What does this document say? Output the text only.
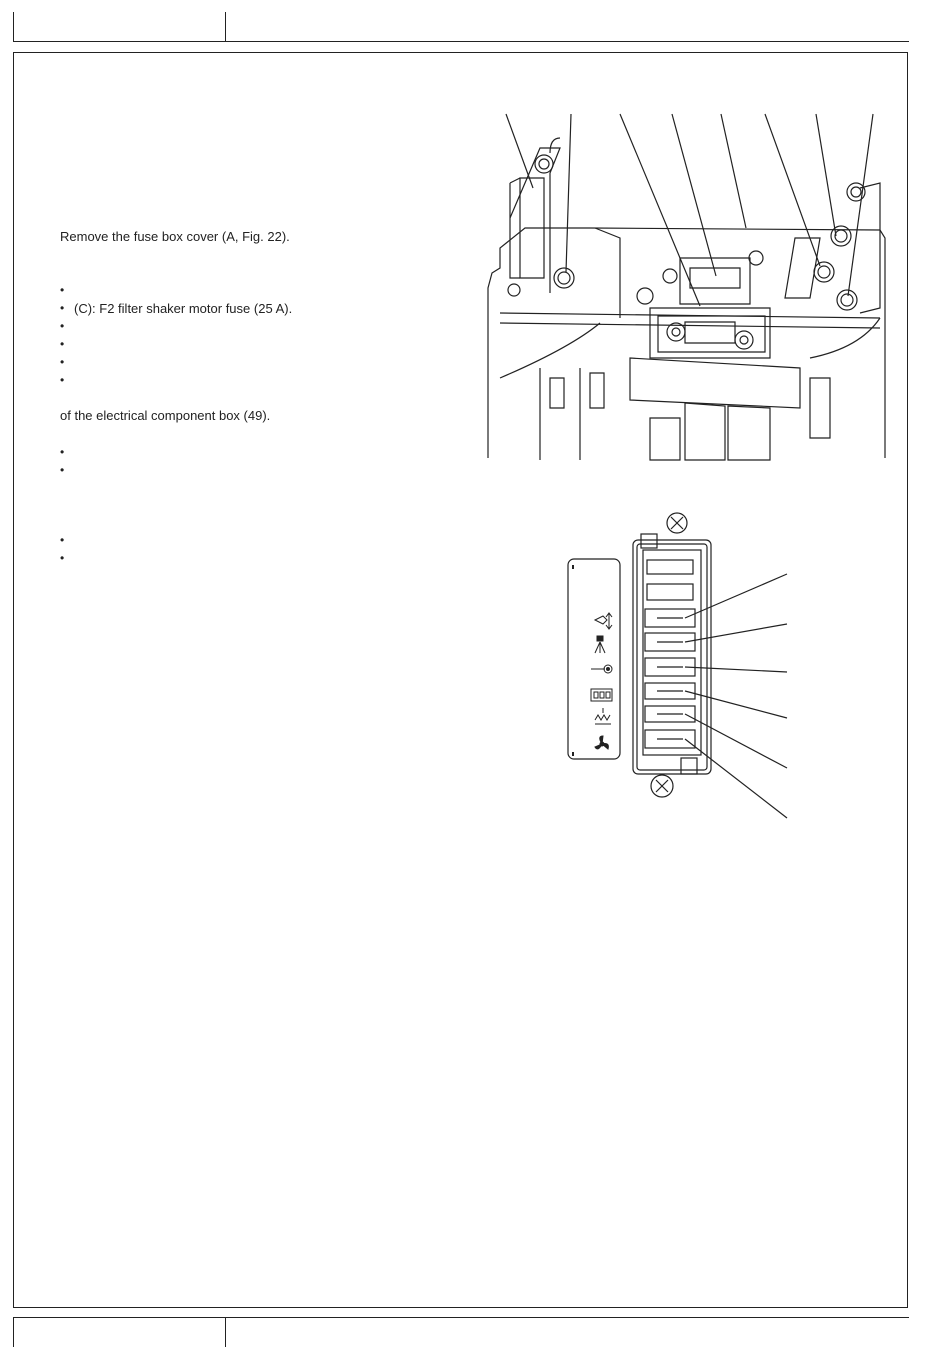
Remove the fuse box cover (A, Fig. 22).
•
• (C): F2 filter shaker motor fuse (25 A).
•
•
•
•
of the electrical component box (49).
•
•
•
•
